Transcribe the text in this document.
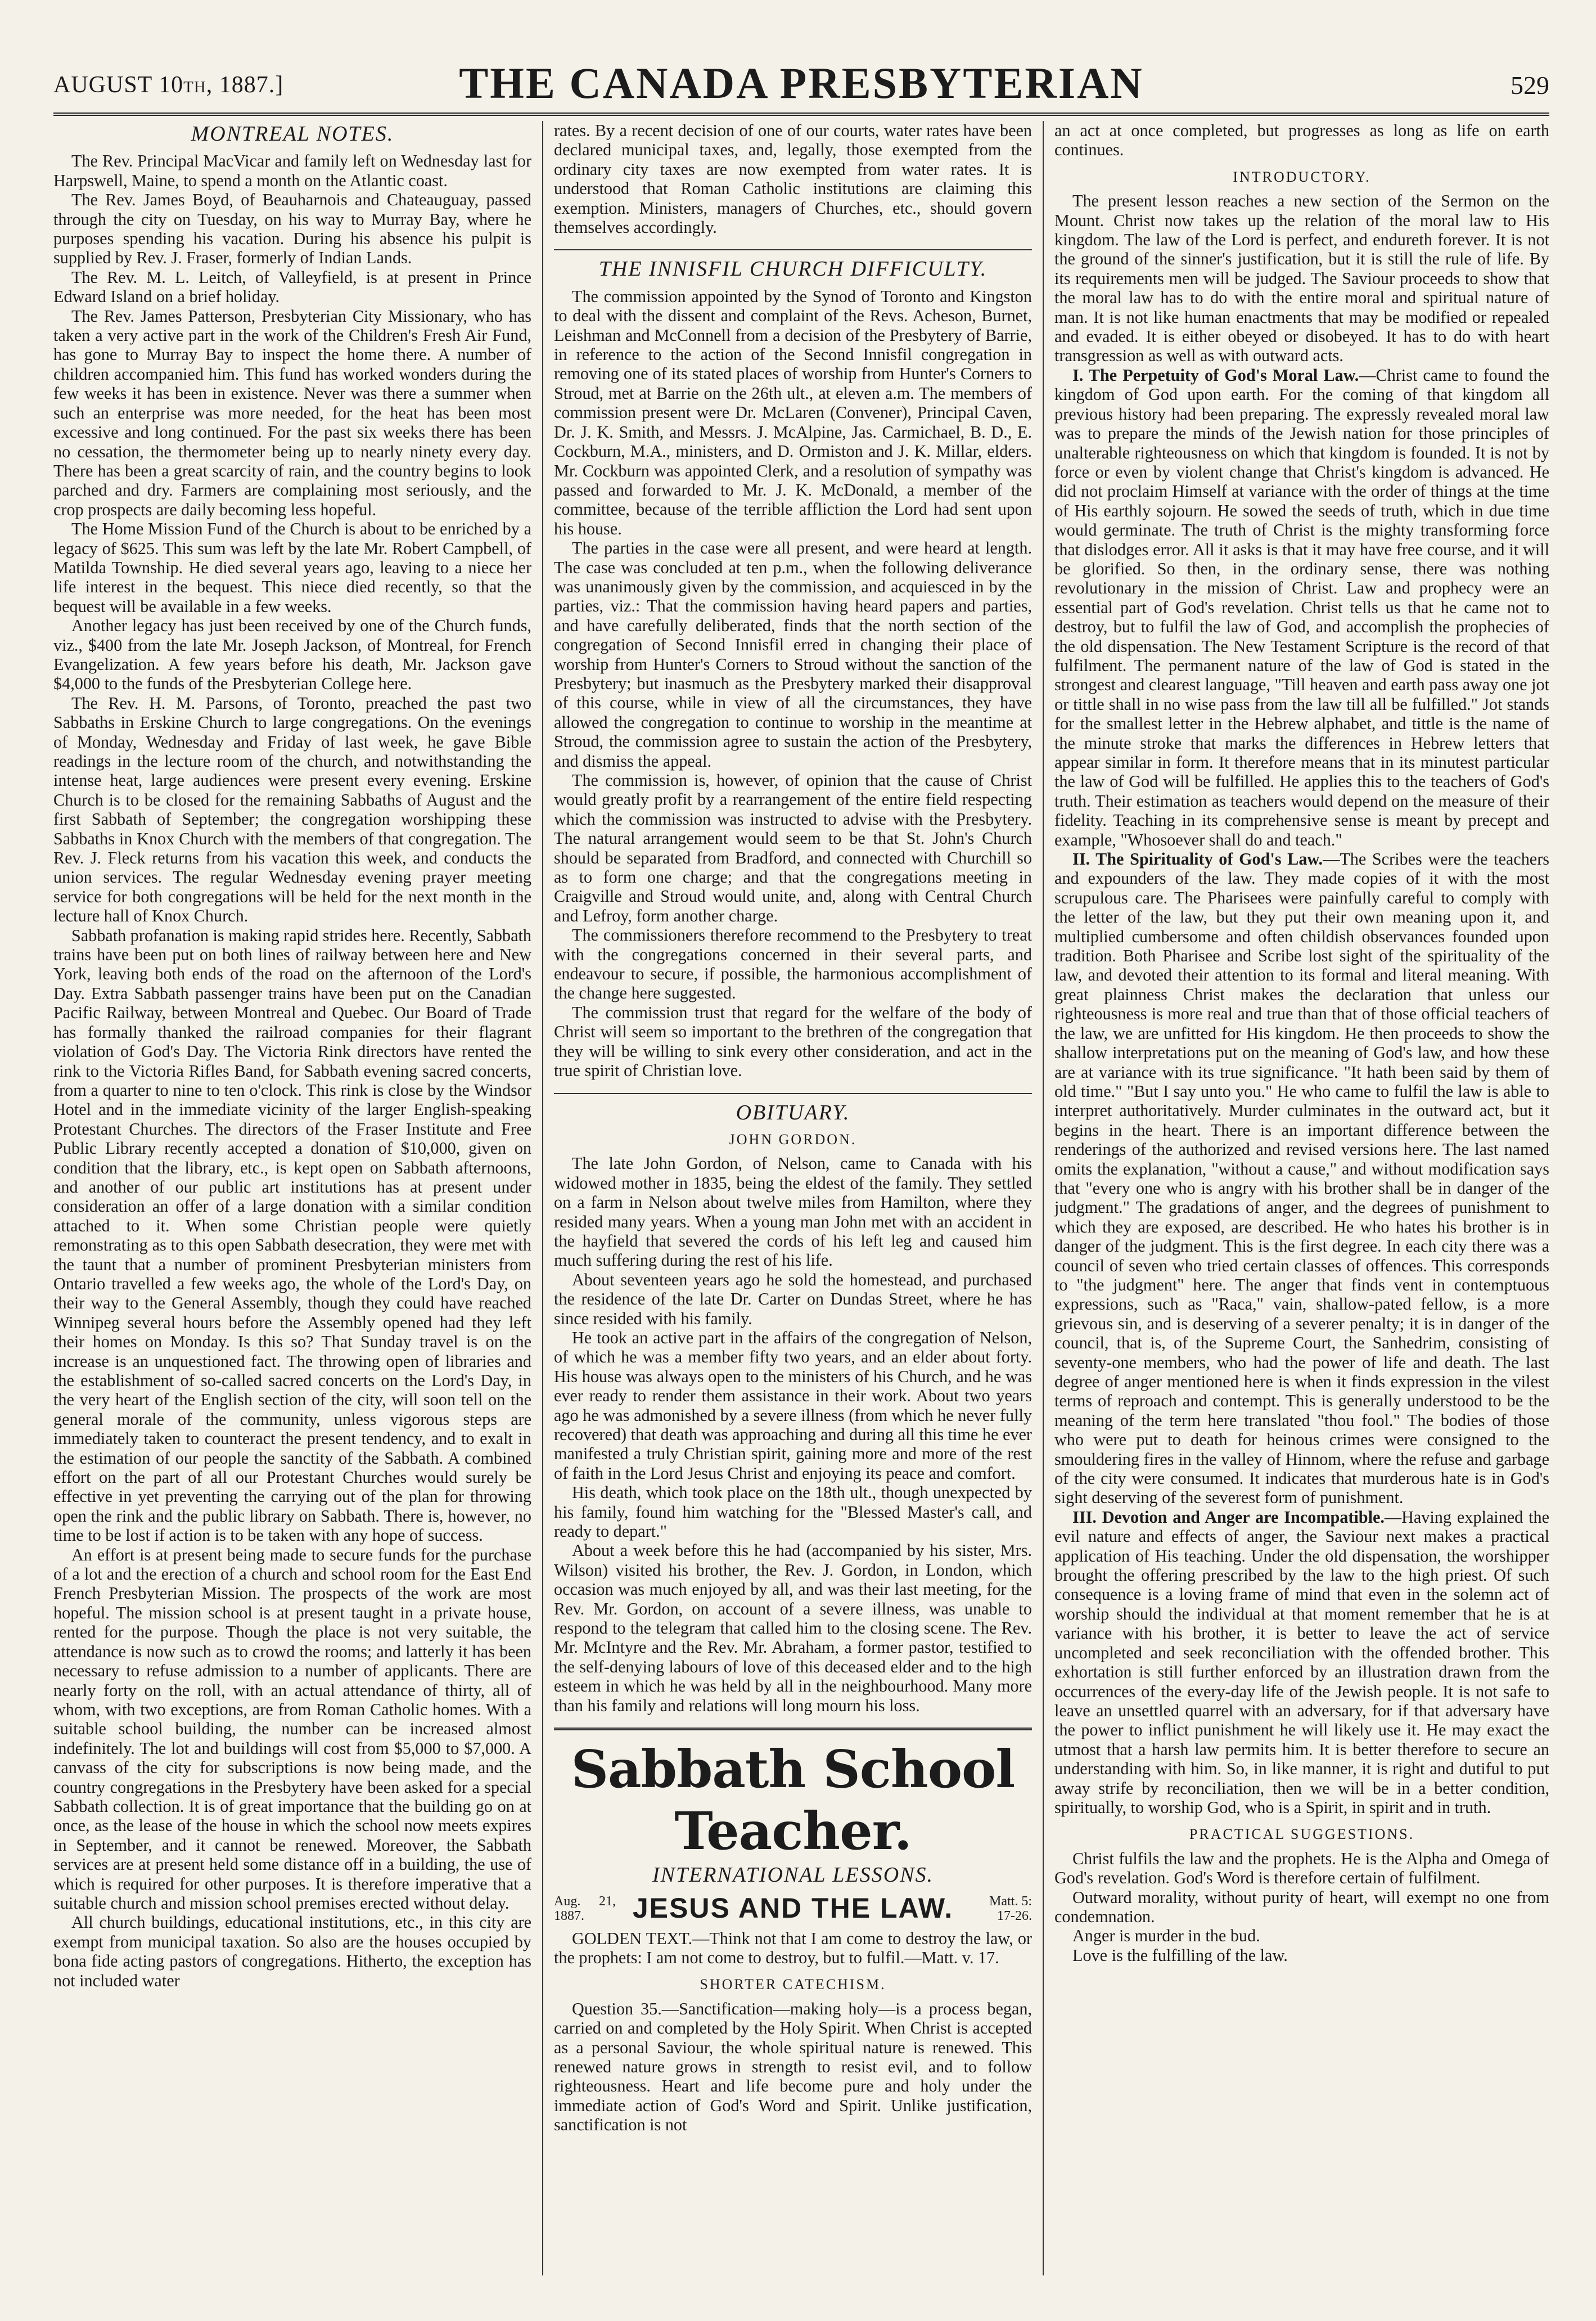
AUGUST 10th, 1887.]	THE CANADA PRESBYTERIAN	529
MONTREAL NOTES.

The Rev. Principal MacVicar and family left on Wednesday last for Harpswell, Maine, to spend a month on the Atlantic coast.

The Rev. James Boyd, of Beauharnois and Chateauguay, passed through the city on Tuesday, on his way to Murray Bay, where he purposes spending his vacation. During his absence his pulpit is supplied by Rev. J. Fraser, formerly of Indian Lands.

The Rev. M. L. Leitch, of Valleyfield, is at present in Prince Edward Island on a brief holiday.

The Rev. James Patterson, Presbyterian City Missionary, who has taken a very active part in the work of the Children's Fresh Air Fund, has gone to Murray Bay to inspect the home there. A number of children accompanied him. This fund has worked wonders during the few weeks it has been in existence. Never was there a summer when such an enterprise was more needed, for the heat has been most excessive and long continued. For the past six weeks there has been no cessation, the thermometer being up to nearly ninety every day. There has been a great scarcity of rain, and the country begins to look parched and dry. Farmers are complaining most seriously, and the crop prospects are daily becoming less hopeful.

The Home Mission Fund of the Church is about to be enriched by a legacy of $625. This sum was left by the late Mr. Robert Campbell, of Matilda Township. He died several years ago, leaving to a niece her life interest in the bequest. This niece died recently, so that the bequest will be available in a few weeks.

Another legacy has just been received by one of the Church funds, viz., $400 from the late Mr. Joseph Jackson, of Montreal, for French Evangelization. A few years before his death, Mr. Jackson gave $4,000 to the funds of the Presbyterian College here.

The Rev. H. M. Parsons, of Toronto, preached the past two Sabbaths in Erskine Church to large congregations. On the evenings of Monday, Wednesday and Friday of last week, he gave Bible readings in the lecture room of the church, and notwithstanding the intense heat, large audiences were present every evening. Erskine Church is to be closed for the remaining Sabbaths of August and the first Sabbath of September; the congregation worshipping these Sabbaths in Knox Church with the members of that congregation. The Rev. J. Fleck returns from his vacation this week, and conducts the union services. The regular Wednesday evening prayer meeting service for both congregations will be held for the next month in the lecture hall of Knox Church.

Sabbath profanation is making rapid strides here. Recently, Sabbath trains have been put on both lines of railway between here and New York, leaving both ends of the road on the afternoon of the Lord's Day. Extra Sabbath passenger trains have been put on the Canadian Pacific Railway, between Montreal and Quebec. Our Board of Trade has formally thanked the railroad companies for their flagrant violation of God's Day. The Victoria Rink directors have rented the rink to the Victoria Rifles Band, for Sabbath evening sacred concerts, from a quarter to nine to ten o'clock. This rink is close by the Windsor Hotel and in the immediate vicinity of the larger English-speaking Protestant Churches. The directors of the Fraser Institute and Free Public Library recently accepted a donation of $10,000, given on condition that the library, etc., is kept open on Sabbath afternoons, and another of our public art institutions has at present under consideration an offer of a large donation with a similar condition attached to it. When some Christian people were quietly remonstrating as to this open Sabbath desecration, they were met with the taunt that a number of prominent Presbyterian ministers from Ontario travelled a few weeks ago, the whole of the Lord's Day, on their way to the General Assembly, though they could have reached Winnipeg several hours before the Assembly opened had they left their homes on Monday. Is this so? That Sunday travel is on the increase is an unquestioned fact. The throwing open of libraries and the establishment of so-called sacred concerts on the Lord's Day, in the very heart of the English section of the city, will soon tell on the general morale of the community, unless vigorous steps are immediately taken to counteract the present tendency, and to exalt in the estimation of our people the sanctity of the Sabbath. A combined effort on the part of all our Protestant Churches would surely be effective in yet preventing the carrying out of the plan for throwing open the rink and the public library on Sabbath. There is, however, no time to be lost if action is to be taken with any hope of success.

An effort is at present being made to secure funds for the purchase of a lot and the erection of a church and school room for the East End French Presbyterian Mission. The prospects of the work are most hopeful. The mission school is at present taught in a private house, rented for the purpose. Though the place is not very suitable, the attendance is now such as to crowd the rooms; and latterly it has been necessary to refuse admission to a number of applicants. There are nearly forty on the roll, with an actual attendance of thirty, all of whom, with two exceptions, are from Roman Catholic homes. With a suitable school building, the number can be increased almost indefinitely. The lot and buildings will cost from $5,000 to $7,000. A canvass of the city for subscriptions is now being made, and the country congregations in the Presbytery have been asked for a special Sabbath collection. It is of great importance that the building go on at once, as the lease of the house in which the school now meets expires in September, and it cannot be renewed. Moreover, the Sabbath services are at present held some distance off in a building, the use of which is required for other purposes. It is therefore imperative that a suitable church and mission school premises erected without delay.

All church buildings, educational institutions, etc., in this city are exempt from municipal taxation. So also are the houses occupied by bona fide acting pastors of congregations. Hitherto, the exception has not included water

rates. By a recent decision of one of our courts, water rates have been declared municipal taxes, and, legally, those exempted from the ordinary city taxes are now exempted from water rates. It is understood that Roman Catholic institutions are claiming this exemption. Ministers, managers of Churches, etc., should govern themselves accordingly.

THE INNISFIL CHURCH DIFFICULTY.

The commission appointed by the Synod of Toronto and Kingston to deal with the dissent and complaint of the Revs. Acheson, Burnet, Leishman and McConnell from a decision of the Presbytery of Barrie, in reference to the action of the Second Innisfil congregation in removing one of its stated places of worship from Hunter's Corners to Stroud, met at Barrie on the 26th ult., at eleven a.m. The members of commission present were Dr. McLaren (Convener), Principal Caven, Dr. J. K. Smith, and Messrs. J. McAlpine, Jas. Carmichael, B. D., E. Cockburn, M.A., ministers, and D. Ormiston and J. K. Millar, elders. Mr. Cockburn was appointed Clerk, and a resolution of sympathy was passed and forwarded to Mr. J. K. McDonald, a member of the committee, because of the terrible affliction the Lord had sent upon his house.

The parties in the case were all present, and were heard at length. The case was concluded at ten p.m., when the following deliverance was unanimously given by the commission, and acquiesced in by the parties, viz.: That the commission having heard papers and parties, and have carefully deliberated, finds that the north section of the congregation of Second Innisfil erred in changing their place of worship from Hunter's Corners to Stroud without the sanction of the Presbytery; but inasmuch as the Presbytery marked their disapproval of this course, while in view of all the circumstances, they have allowed the congregation to continue to worship in the meantime at Stroud, the commission agree to sustain the action of the Presbytery, and dismiss the appeal.

The commission is, however, of opinion that the cause of Christ would greatly profit by a rearrangement of the entire field respecting which the commission was instructed to advise with the Presbytery. The natural arrangement would seem to be that St. John's Church should be separated from Bradford, and connected with Churchill so as to form one charge; and that the congregations meeting in Craigville and Stroud would unite, and, along with Central Church and Lefroy, form another charge.

The commissioners therefore recommend to the Presbytery to treat with the congregations concerned in their several parts, and endeavour to secure, if possible, the harmonious accomplishment of the change here suggested.

The commission trust that regard for the welfare of the body of Christ will seem so important to the brethren of the congregation that they will be willing to sink every other consideration, and act in the true spirit of Christian love.

OBITUARY.
JOHN GORDON.

The late John Gordon, of Nelson, came to Canada with his widowed mother in 1835, being the eldest of the family. They settled on a farm in Nelson about twelve miles from Hamilton, where they resided many years. When a young man John met with an accident in the hayfield that severed the cords of his left leg and caused him much suffering during the rest of his life.

About seventeen years ago he sold the homestead, and purchased the residence of the late Dr. Carter on Dundas Street, where he has since resided with his family.

He took an active part in the affairs of the congregation of Nelson, of which he was a member fifty two years, and an elder about forty. His house was always open to the ministers of his Church, and he was ever ready to render them assistance in their work. About two years ago he was admonished by a severe illness (from which he never fully recovered) that death was approaching and during all this time he ever manifested a truly Christian spirit, gaining more and more of the rest of faith in the Lord Jesus Christ and enjoying its peace and comfort.

His death, which took place on the 18th ult., though unexpected by his family, found him watching for the "Blessed Master's call, and ready to depart."

About a week before this he had (accompanied by his sister, Mrs. Wilson) visited his brother, the Rev. J. Gordon, in London, which occasion was much enjoyed by all, and was their last meeting, for the Rev. Mr. Gordon, on account of a severe illness, was unable to respond to the telegram that called him to the closing scene. The Rev. Mr. McIntyre and the Rev. Mr. Abraham, a former pastor, testified to the self-denying labours of love of this deceased elder and to the high esteem in which he was held by all in the neighbourhood. Many more than his family and relations will long mourn his loss.

Sabbath School Teacher.
INTERNATIONAL LESSONS.
Aug. 21, 1887.	JESUS AND THE LAW.	Matt. 5: 17-26.

GOLDEN TEXT.—Think not that I am come to destroy the law, or the prophets: I am not come to destroy, but to fulfil.—Matt. v. 17.

SHORTER CATECHISM.

Question 35.—Sanctification—making holy—is a process began, carried on and completed by the Holy Spirit. When Christ is accepted as a personal Saviour, the whole spiritual nature is renewed. This renewed nature grows in strength to resist evil, and to follow righteousness. Heart and life become pure and holy under the immediate action of God's Word and Spirit. Unlike justification, sanctification is not

an act at once completed, but progresses as long as life on earth continues.

INTRODUCTORY.

The present lesson reaches a new section of the Sermon on the Mount. Christ now takes up the relation of the moral law to His kingdom. The law of the Lord is perfect, and endureth forever. It is not the ground of the sinner's justification, but it is still the rule of life. By its requirements men will be judged. The Saviour proceeds to show that the moral law has to do with the entire moral and spiritual nature of man. It is not like human enactments that may be modified or repealed and evaded. It is either obeyed or disobeyed. It has to do with heart transgression as well as with outward acts.

I. The Perpetuity of God's Moral Law.—Christ came to found the kingdom of God upon earth. For the coming of that kingdom all previous history had been preparing. The expressly revealed moral law was to prepare the minds of the Jewish nation for those principles of unalterable righteousness on which that kingdom is founded. It is not by force or even by violent change that Christ's kingdom is advanced. He did not proclaim Himself at variance with the order of things at the time of His earthly sojourn. He sowed the seeds of truth, which in due time would germinate. The truth of Christ is the mighty transforming force that dislodges error. All it asks is that it may have free course, and it will be glorified. So then, in the ordinary sense, there was nothing revolutionary in the mission of Christ. Law and prophecy were an essential part of God's revelation. Christ tells us that he came not to destroy, but to fulfil the law of God, and accomplish the prophecies of the old dispensation. The New Testament Scripture is the record of that fulfilment. The permanent nature of the law of God is stated in the strongest and clearest language, "Till heaven and earth pass away one jot or tittle shall in no wise pass from the law till all be fulfilled." Jot stands for the smallest letter in the Hebrew alphabet, and tittle is the name of the minute stroke that marks the differences in Hebrew letters that appear similar in form. It therefore means that in its minutest particular the law of God will be fulfilled. He applies this to the teachers of God's truth. Their estimation as teachers would depend on the measure of their fidelity. Teaching in its comprehensive sense is meant by precept and example, "Whosoever shall do and teach."

II. The Spirituality of God's Law.—The Scribes were the teachers and expounders of the law. They made copies of it with the most scrupulous care. The Pharisees were painfully careful to comply with the letter of the law, but they put their own meaning upon it, and multiplied cumbersome and often childish observances founded upon tradition. Both Pharisee and Scribe lost sight of the spirituality of the law, and devoted their attention to its formal and literal meaning. With great plainness Christ makes the declaration that unless our righteousness is more real and true than that of those official teachers of the law, we are unfitted for His kingdom. He then proceeds to show the shallow interpretations put on the meaning of God's law, and how these are at variance with its true significance. "It hath been said by them of old time." "But I say unto you." He who came to fulfil the law is able to interpret authoritatively. Murder culminates in the outward act, but it begins in the heart. There is an important difference between the renderings of the authorized and revised versions here. The last named omits the explanation, "without a cause," and without modification says that "every one who is angry with his brother shall be in danger of the judgment." The gradations of anger, and the degrees of punishment to which they are exposed, are described. He who hates his brother is in danger of the judgment. This is the first degree. In each city there was a council of seven who tried certain classes of offences. This corresponds to "the judgment" here. The anger that finds vent in contemptuous expressions, such as "Raca," vain, shallow-pated fellow, is a more grievous sin, and is deserving of a severer penalty; it is in danger of the council, that is, of the Supreme Court, the Sanhedrim, consisting of seventy-one members, who had the power of life and death. The last degree of anger mentioned here is when it finds expression in the vilest terms of reproach and contempt. This is generally understood to be the meaning of the term here translated "thou fool." The bodies of those who were put to death for heinous crimes were consigned to the smouldering fires in the valley of Hinnom, where the refuse and garbage of the city were consumed. It indicates that murderous hate is in God's sight deserving of the severest form of punishment.

III. Devotion and Anger are Incompatible.—Having explained the evil nature and effects of anger, the Saviour next makes a practical application of His teaching. Under the old dispensation, the worshipper brought the offering prescribed by the law to the high priest. Of such consequence is a loving frame of mind that even in the solemn act of worship should the individual at that moment remember that he is at variance with his brother, it is better to leave the act of service uncompleted and seek reconciliation with the offended brother. This exhortation is still further enforced by an illustration drawn from the occurrences of the every-day life of the Jewish people. It is not safe to leave an unsettled quarrel with an adversary, for if that adversary have the power to inflict punishment he will likely use it. He may exact the utmost that a harsh law permits him. It is better therefore to secure an understanding with him. So, in like manner, it is right and dutiful to put away strife by reconciliation, then we will be in a better condition, spiritually, to worship God, who is a Spirit, in spirit and in truth.

PRACTICAL SUGGESTIONS.

Christ fulfils the law and the prophets. He is the Alpha and Omega of God's revelation. God's Word is therefore certain of fulfilment.

Outward morality, without purity of heart, will exempt no one from condemnation.

Anger is murder in the bud.

Love is the fulfilling of the law.
